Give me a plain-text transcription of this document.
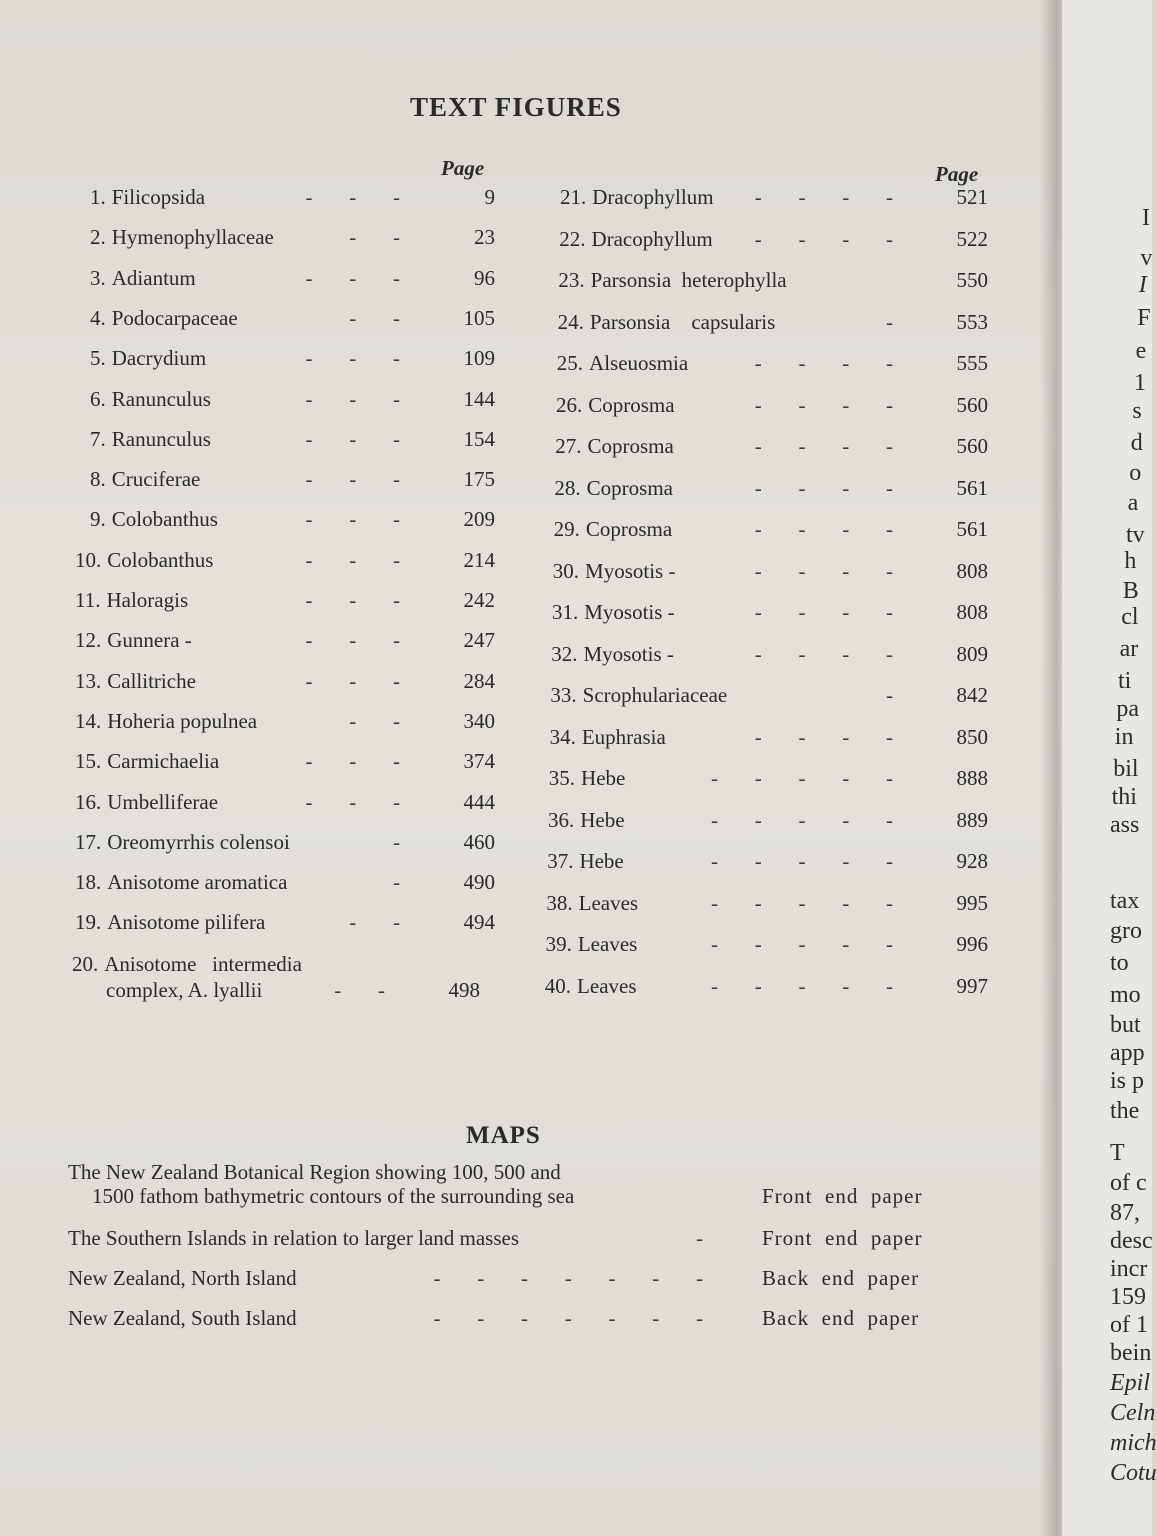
TEXT FIGURES
Page	Page
1. Filicopsida	-       -       -	9
2. Hymenophyllaceae	-       -	23
3. Adiantum	-       -       -	96
4. Podocarpaceae	-       -	105
5. Dacrydium	-       -       -	109
6. Ranunculus	-       -       -	144
7. Ranunculus	-       -       -	154
8. Cruciferae	-       -       -	175
9. Colobanthus	-       -       -	209
10. Colobanthus	-       -       -	214
11. Haloragis	-       -       -	242
12. Gunnera -	-       -       -	247
13. Callitriche	-       -       -	284
14. Hoheria populnea	-       -	340
15. Carmichaelia	-       -       -	374
16. Umbelliferae	-       -       -	444
17. Oreomyrrhis colensoi	-	460
18. Anisotome aromatica	-	490
19. Anisotome pilifera	-       -	494
20. Anisotome   intermedia
complex, A. lyallii	-       -	498
21. Dracophyllum -       -       -       -	521
22. Dracophyllum -       -       -       -	522
23. Parsonsia  heterophylla	550
24. Parsonsia    capsularis	-	553
25. Alseuosmia	-       -       -       -	555
26. Coprosma	-       -       -       -	560
27. Coprosma	-       -       -       -	560
28. Coprosma	-       -       -       -	561
29. Coprosma	-       -       -       -	561
30. Myosotis -	-       -       -       -	808
31. Myosotis -	-       -       -       -	808
32. Myosotis -	-       -       -       -	809
33. Scrophulariaceae	-	842
34. Euphrasia	-       -       -       -	850
35. Hebe	-       -       -       -       -	888
36. Hebe	-       -       -       -       -	889
37. Hebe	-       -       -       -       -	928
38. Leaves	-       -       -       -       -	995
39. Leaves	-       -       -       -       -	996
40. Leaves	-       -       -       -       -	997
MAPS
The New Zealand Botanical Region showing 100, 500 and
1500 fathom bathymetric contours of the surrounding sea	Front  end  paper
The Southern Islands in relation to larger land masses	-	Front  end  paper
New Zealand, North Island	-       -       -       -       -       -       -	Back  end  paper
New Zealand, South Island	-       -       -       -       -       -       -	Back  end  paper
I
v
I
F
e
1
s
d
o
a
tv
h
B
cl
ar
ti
pa
in
bil
thi
ass
tax
gro
to
mo
but
app
is p
the
T
of c
87,
desc
incr
159
of 1
bein
Epil
Celn
mich
Cotu
